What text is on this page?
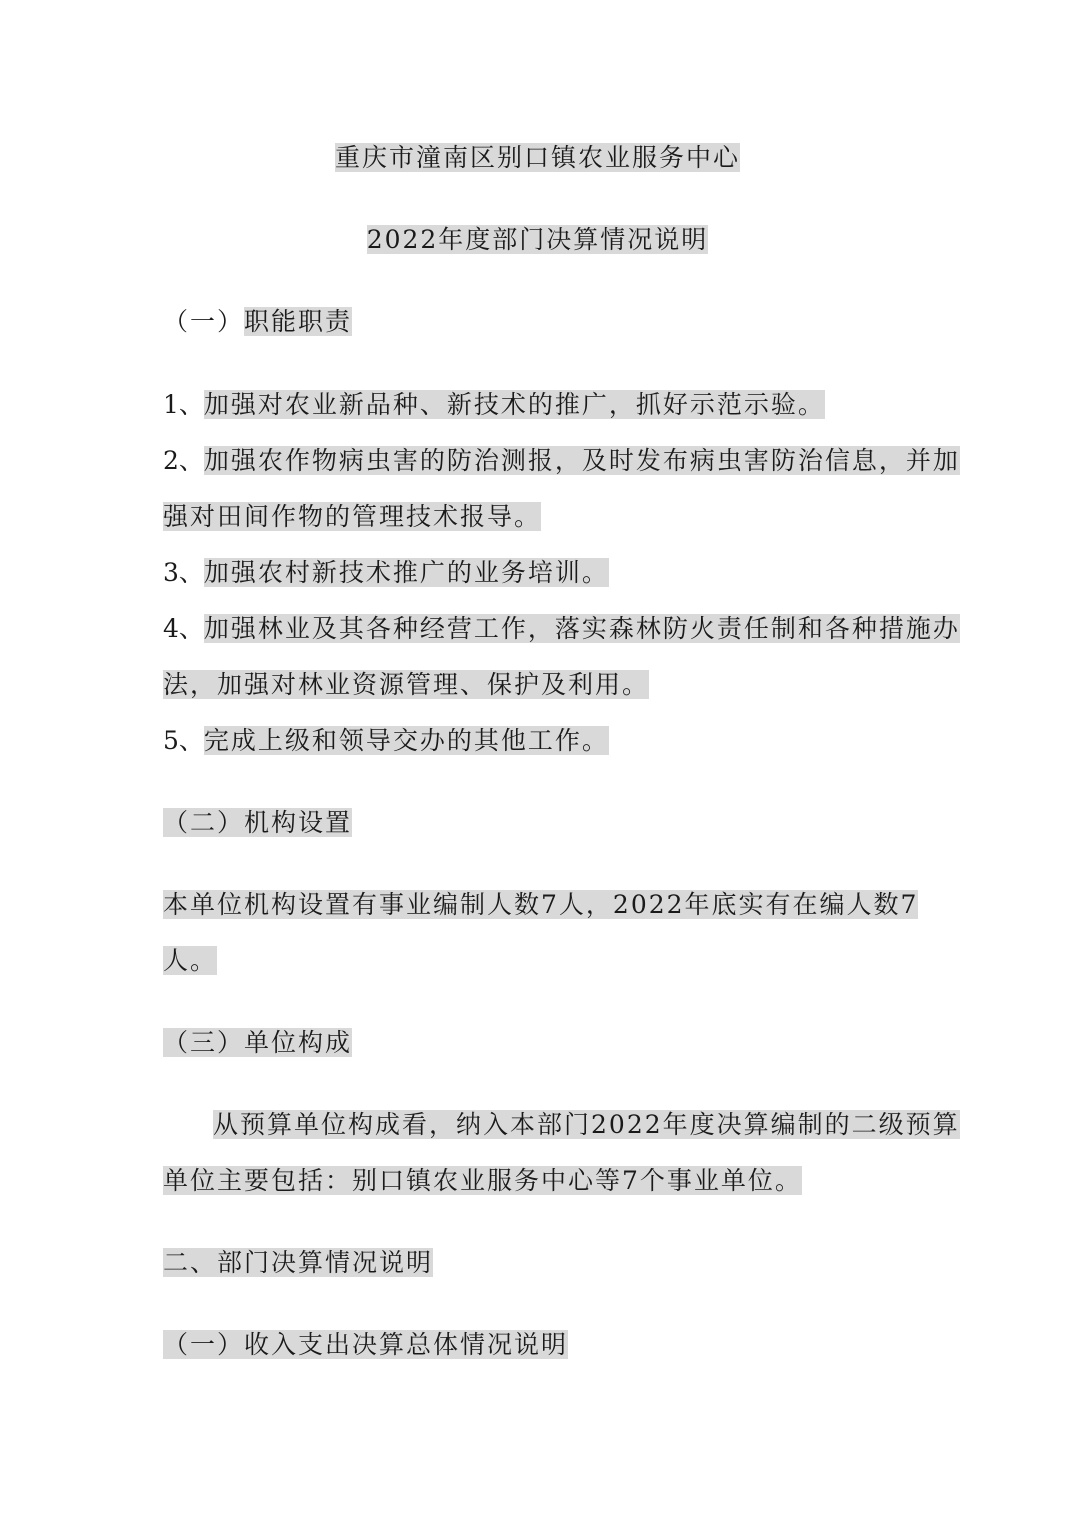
重庆市潼南区别口镇农业服务中心
2022年度部门决算情况说明
（一）职能职责
1、加强对农业新品种、新技术的推广，抓好示范示验。
2、加强农作物病虫害的防治测报，及时发布病虫害防治信息，并加
强对田间作物的管理技术报导。
3、加强农村新技术推广的业务培训。
4、加强林业及其各种经营工作，落实森林防火责任制和各种措施办
法，加强对林业资源管理、保护及利用。
5、完成上级和领导交办的其他工作。
（二）机构设置
本单位机构设置有事业编制人数7人，2022年底实有在编人数7
人。
（三）单位构成
从预算单位构成看，纳入本部门2022年度决算编制的二级预算
单位主要包括：别口镇农业服务中心等7个事业单位。
二、部门决算情况说明
（一）收入支出决算总体情况说明
